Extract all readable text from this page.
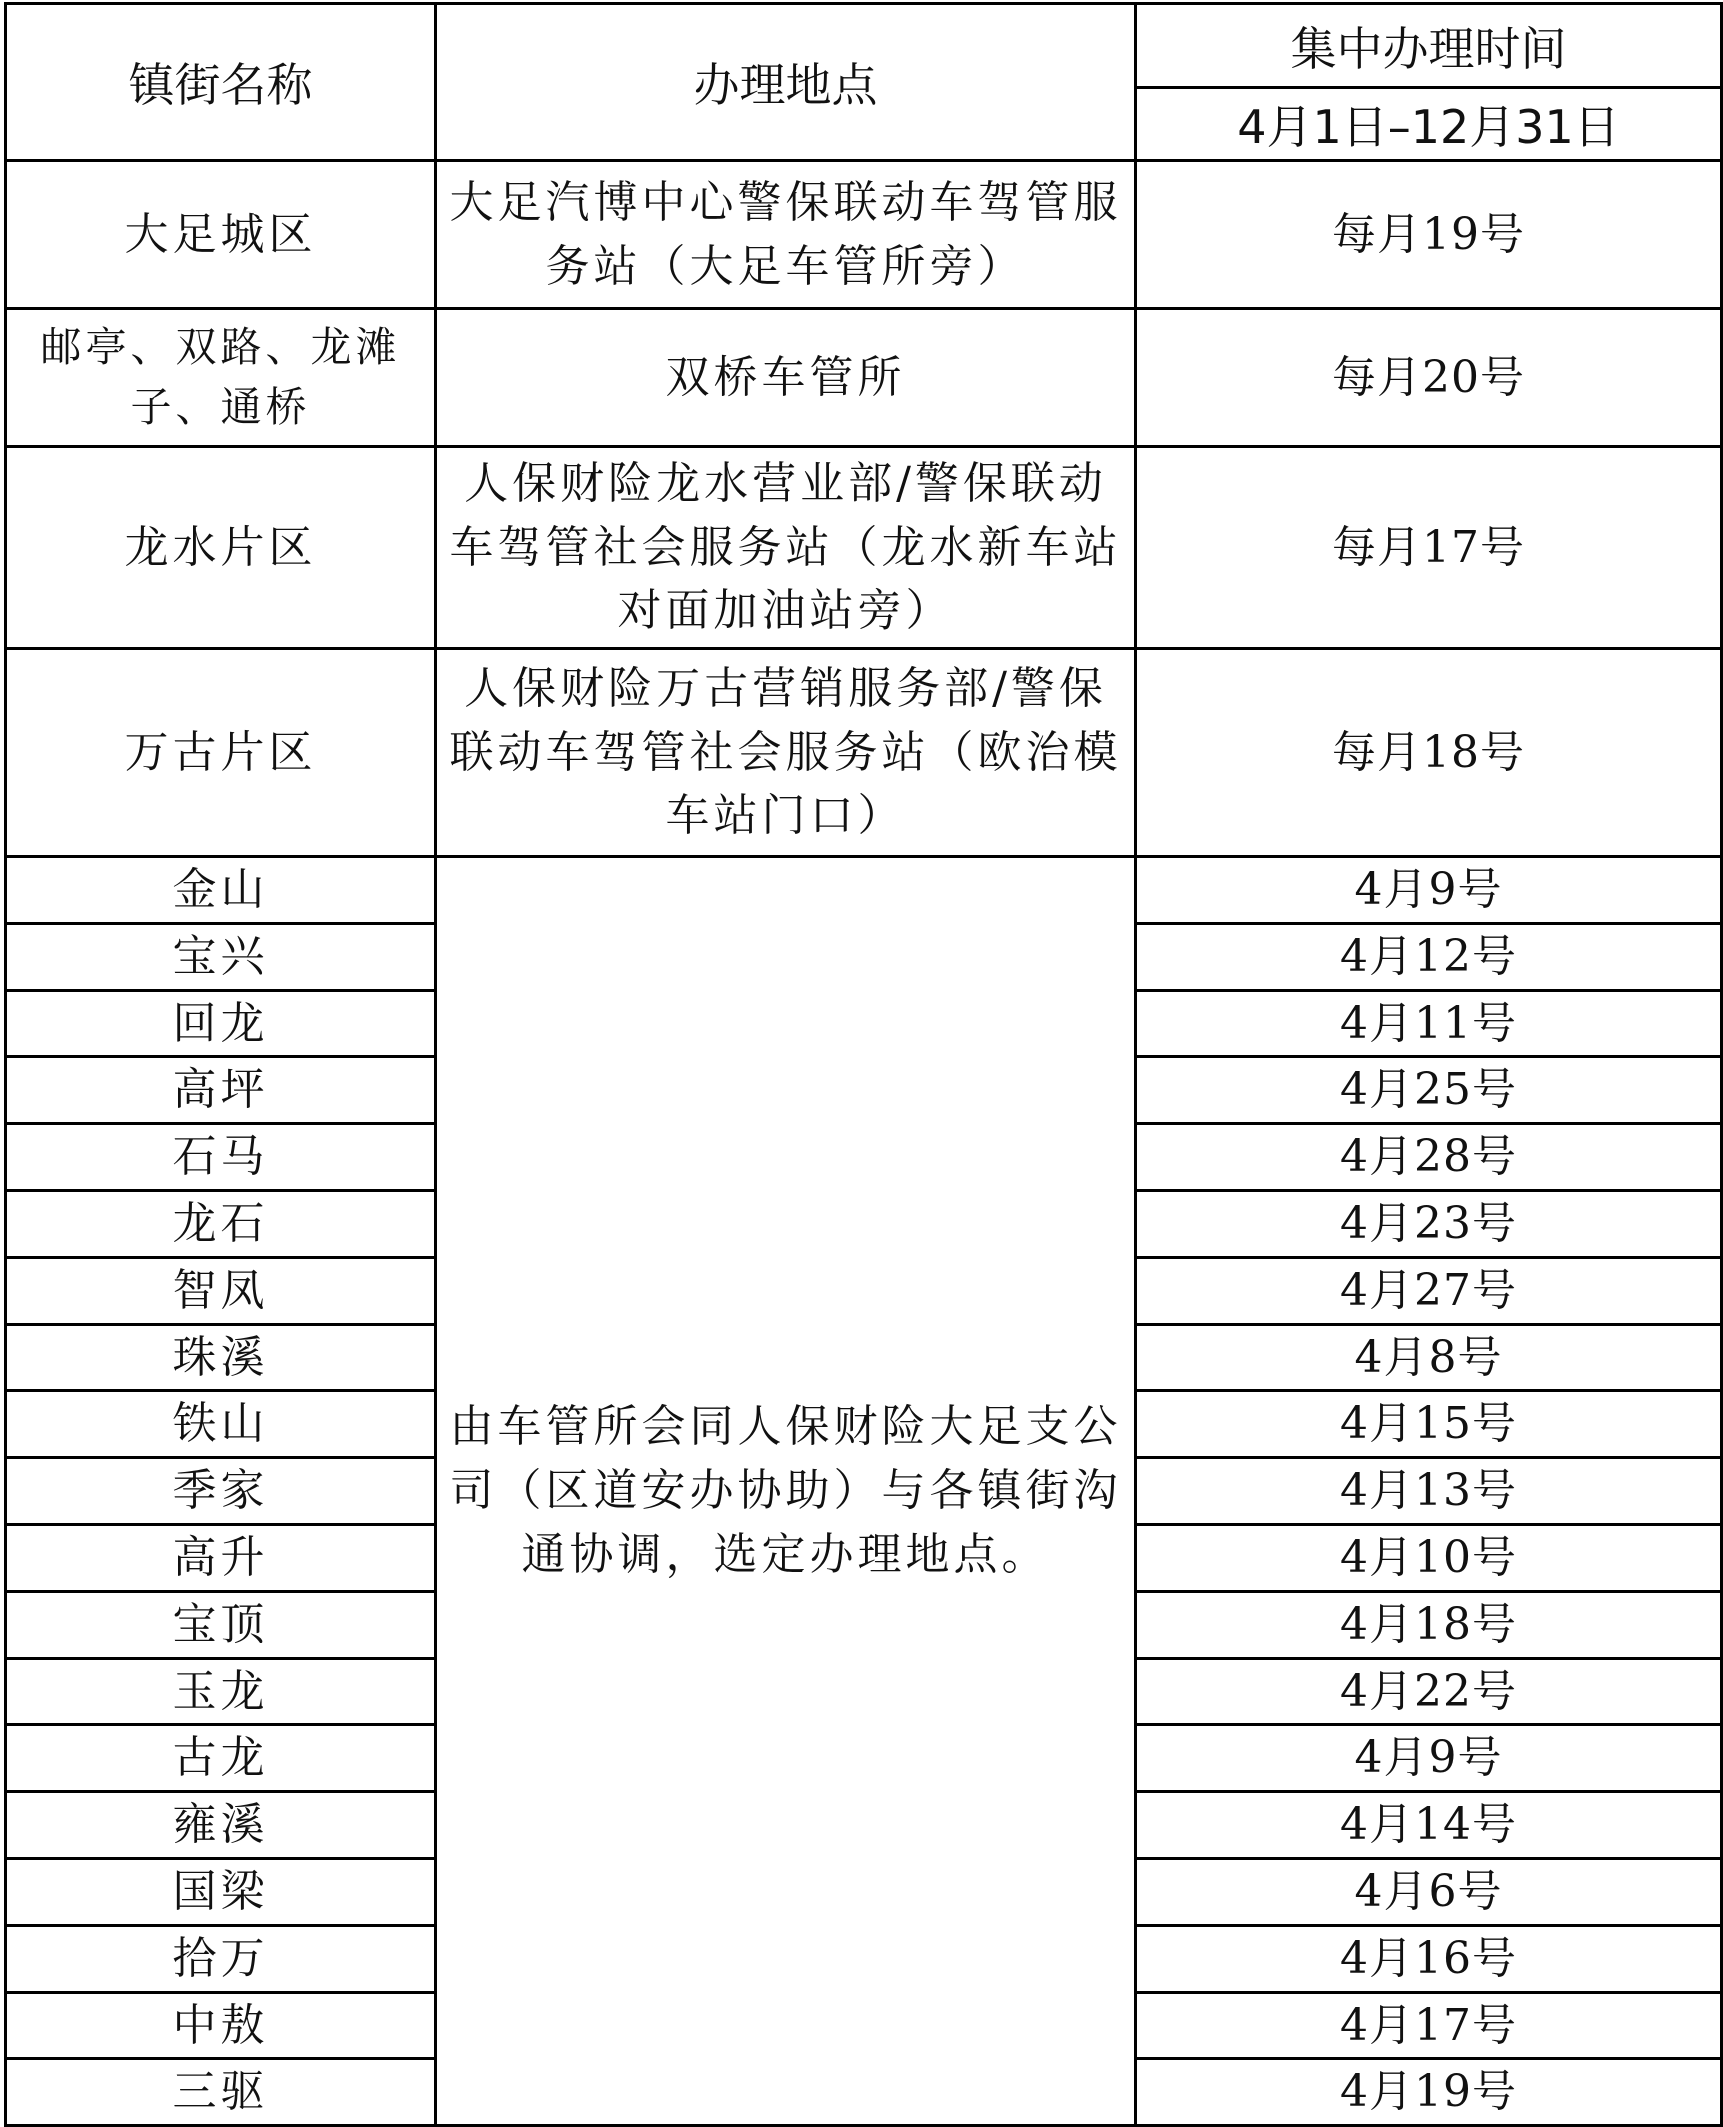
镇街名称	办理地点	集中办理时间
		4月1日–12月31日
大足城区	大足汽博中心警保联动车驾管服务站（大足车管所旁）	每月19号
邮亭、双路、龙滩子、通桥	双桥车管所	每月20号
龙水片区	人保财险龙水营业部/警保联动车驾管社会服务站（龙水新车站对面加油站旁）	每月17号
万古片区	人保财险万古营销服务部/警保联动车驾管社会服务站（欧治模车站门口）	每月18号
金山	由车管所会同人保财险大足支公司（区道安办协助）与各镇街沟通协调，选定办理地点。	4月9号
宝兴		4月12号
回龙		4月11号
高坪		4月25号
石马		4月28号
龙石		4月23号
智凤		4月27号
珠溪		4月8号
铁山		4月15号
季家		4月13号
高升		4月10号
宝顶		4月18号
玉龙		4月22号
古龙		4月9号
雍溪		4月14号
国梁		4月6号
拾万		4月16号
中敖		4月17号
三驱		4月19号
